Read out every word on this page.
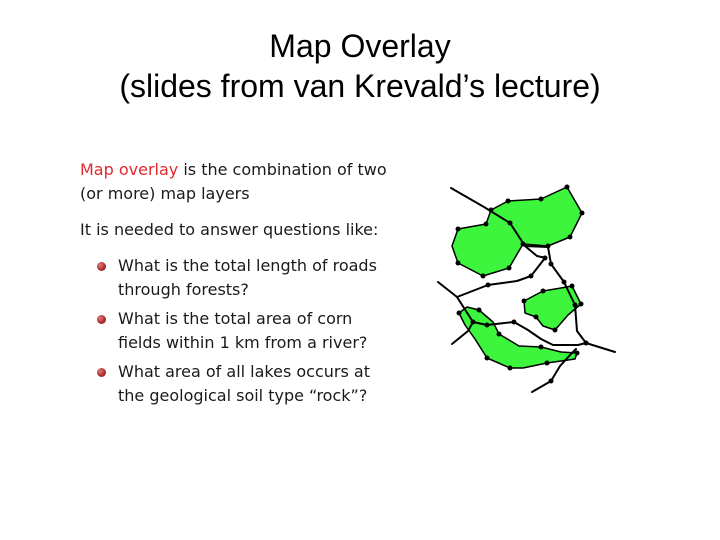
Map Overlay
(slides from van Krevald’s lecture)

Map overlay is the combination of two (or more) map layers

It is needed to answer questions like:

What is the total length of roads through forests?
What is the total area of corn fields within 1 km from a river?
What area of all lakes occurs at the geological soil type “rock”?
